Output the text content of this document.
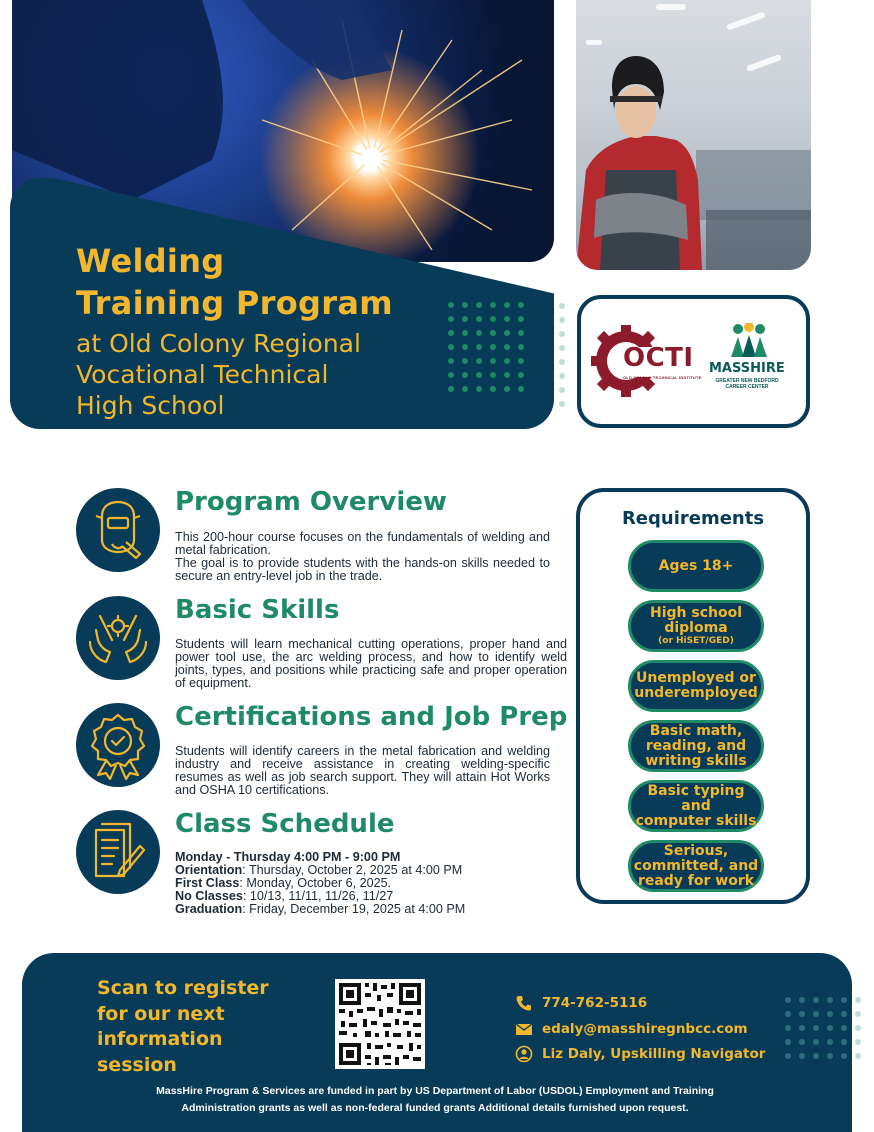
Welding
Training Program
at Old Colony Regional
Vocational Technical
High School
OCTI
OLD COLONY TECHNICAL INSTITUTE
MASSHIRE
GREATER NEW BEDFORD CAREER CENTER
Program Overview
This 200-hour course focuses on the fundamentals of welding and metal fabrication.
The goal is to provide students with the hands-on skills needed to secure an entry-level job in the trade.
Basic Skills
Students will learn mechanical cutting operations, proper hand and power tool use, the arc welding process, and how to identify weld joints, types, and positions while practicing safe and proper operation of equipment.
Certifications and Job Prep
Students will identify careers in the metal fabrication and welding industry and receive assistance in creating welding-specific resumes as well as job search support. They will attain Hot Works and OSHA 10 certifications.
Class Schedule
Monday - Thursday 4:00 PM - 9:00 PM
Orientation: Thursday, October 2, 2025 at 4:00 PM
First Class: Monday, October 6, 2025.
No Classes: 10/13, 11/11, 11/26, 11/27
Graduation: Friday, December 19, 2025 at 4:00 PM
Requirements
Ages 18+
High school
diploma
(or HiSET/GED)
Unemployed or
underemployed
Basic math,
reading, and
writing skills
Basic typing and
computer skills
Serious,
committed, and
ready for work
Scan to register
for our next
information
session
774-762-5116
edaly@masshiregnbcc.com
Liz Daly, Upskilling Navigator
MassHire Program & Services are funded in part by US Department of Labor (USDOL) Employment and Training
Administration grants as well as non-federal funded grants Additional details furnished upon request.
